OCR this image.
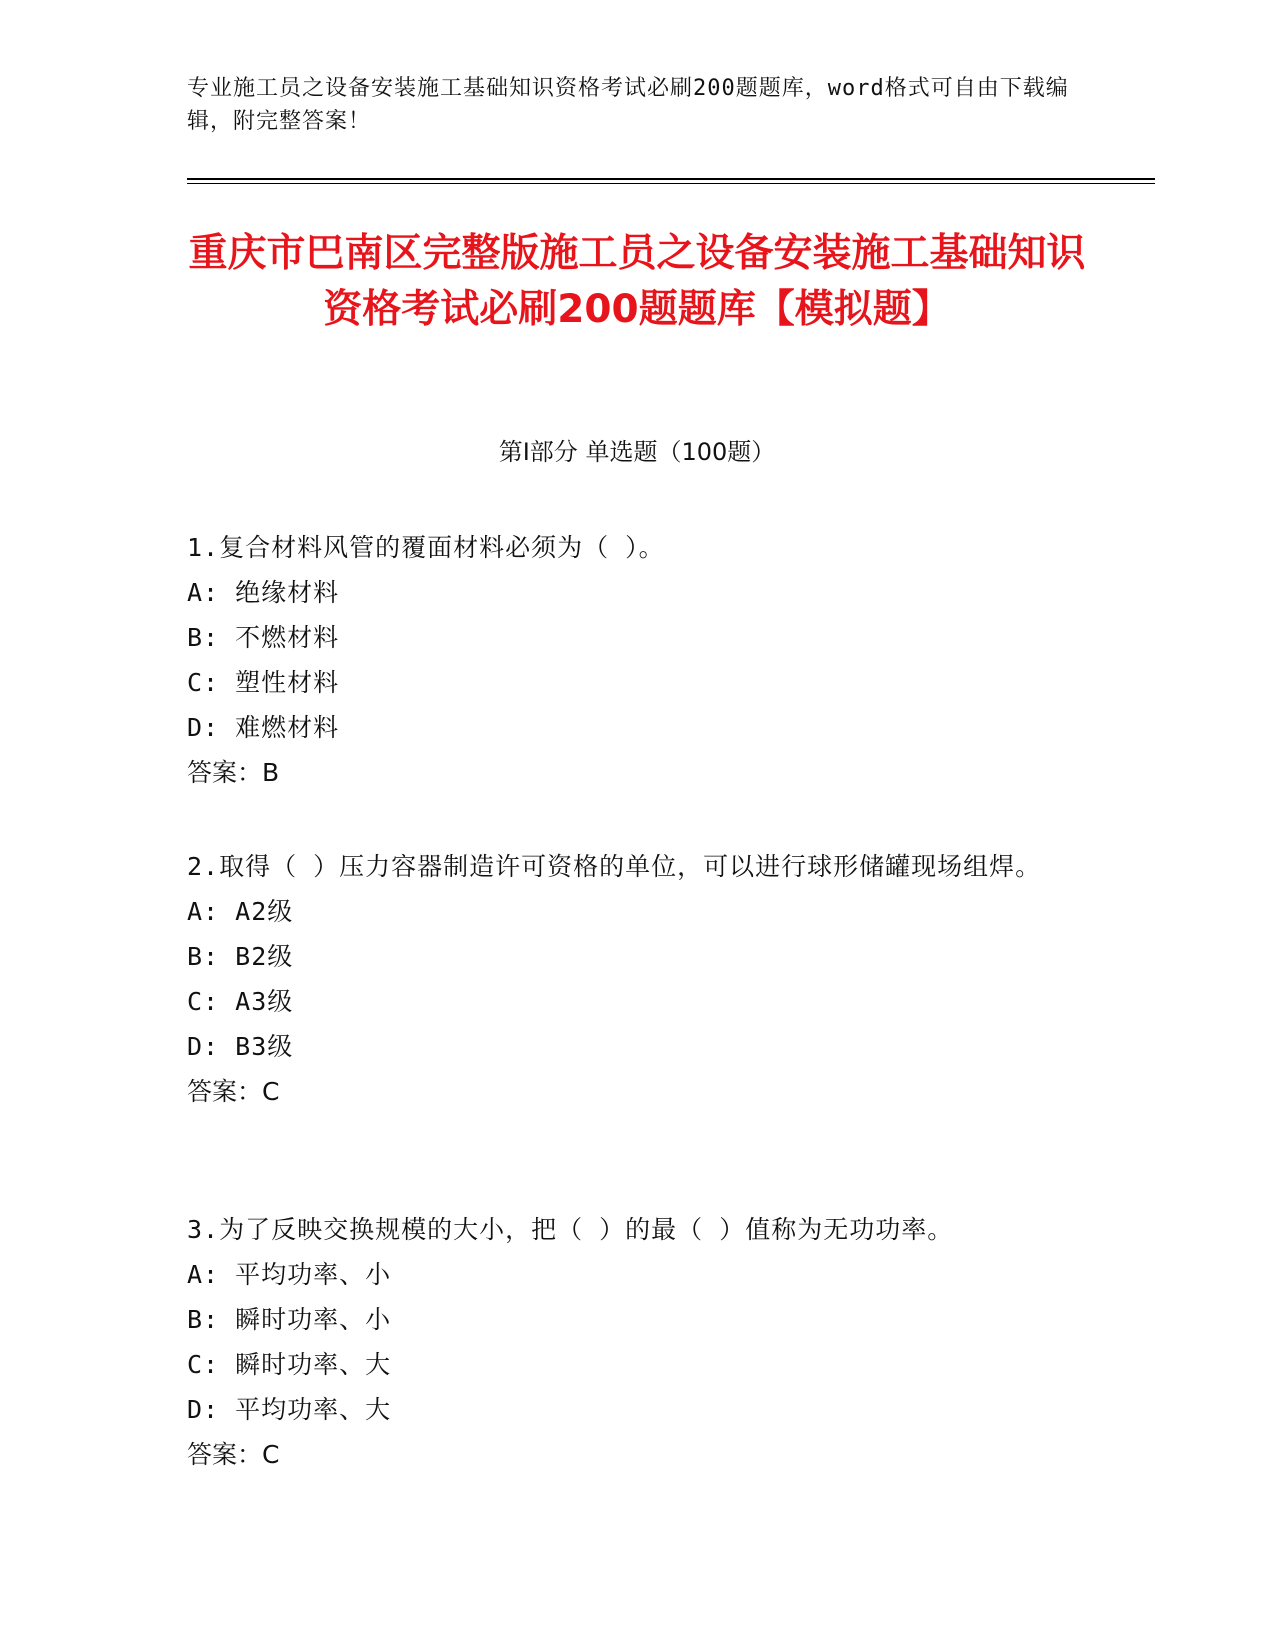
专业施工员之设备安装施工基础知识资格考试必刷200题题库，word格式可自由下载编辑，附完整答案！
重庆市巴南区完整版施工员之设备安装施工基础知识资格考试必刷200题题库【模拟题】
第Ⅰ部分 单选题（100题）
1.复合材料风管的覆面材料必须为（ ）。
A: 绝缘材料
B: 不燃材料
C: 塑性材料
D: 难燃材料
答案：B
2.取得（ ）压力容器制造许可资格的单位，可以进行球形储罐现场组焊。
A: A2级
B: B2级
C: A3级
D: B3级
答案：C
3.为了反映交换规模的大小，把（ ）的最（ ）值称为无功功率。
A: 平均功率、小
B: 瞬时功率、小
C: 瞬时功率、大
D: 平均功率、大
答案：C
